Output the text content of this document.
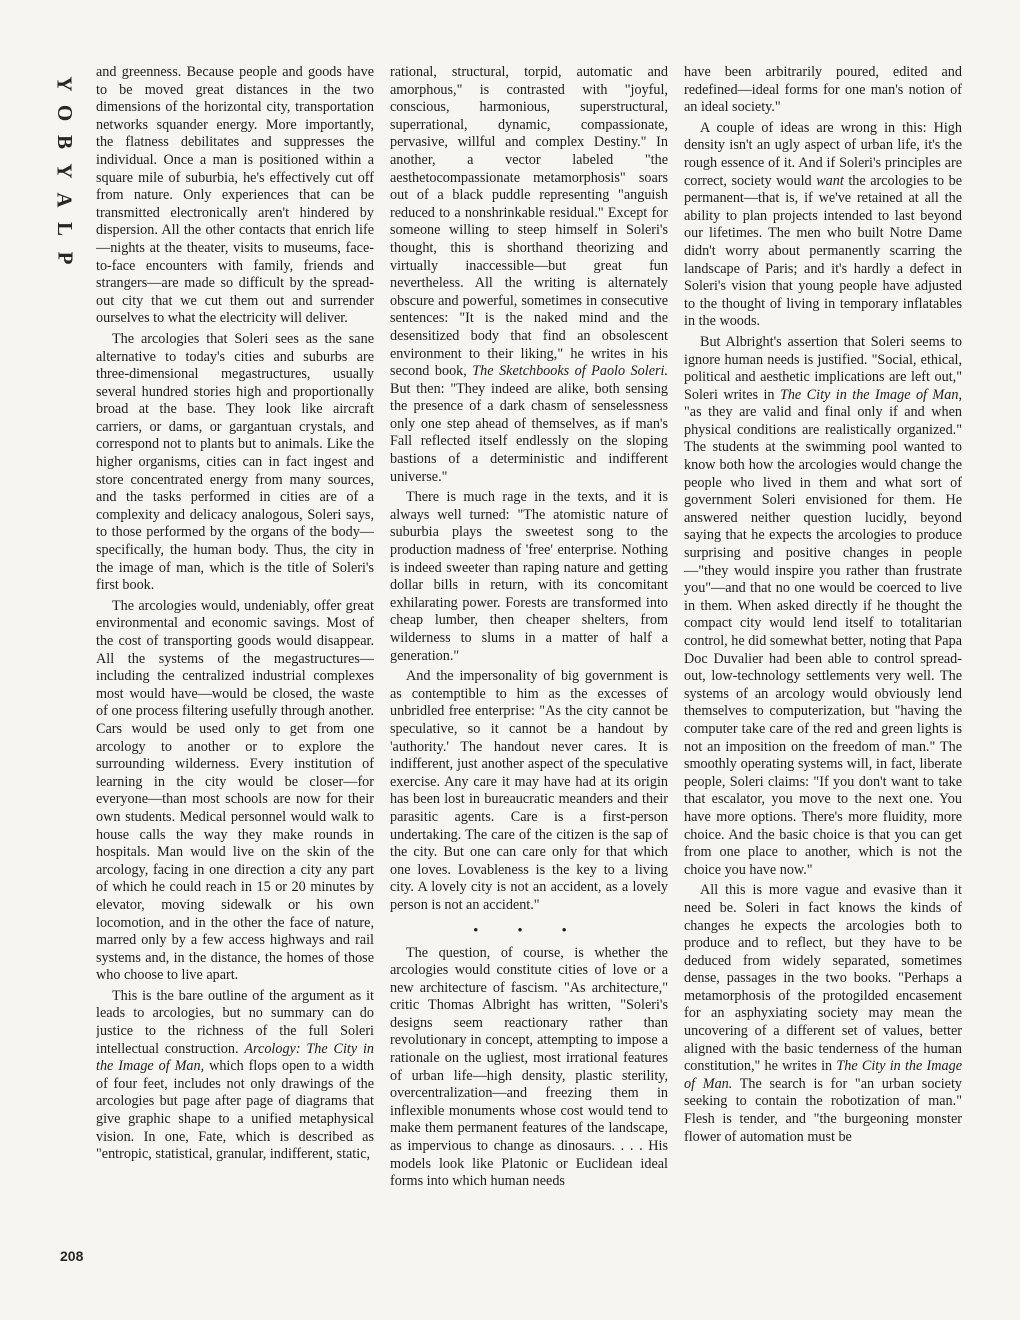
Y
O
B
Y
A
L
P
208

and greenness. Because people and goods have to be moved great distances in the two dimensions of the horizontal city, transportation networks squander energy. More importantly, the flatness debilitates and suppresses the individual. Once a man is positioned within a square mile of suburbia, he's effectively cut off from nature. Only experiences that can be transmitted electronically aren't hindered by dispersion. All the other contacts that enrich life—nights at the theater, visits to museums, face-to-face encounters with family, friends and strangers—are made so difficult by the spread-out city that we cut them out and surrender ourselves to what the electricity will deliver.

The arcologies that Soleri sees as the sane alternative to today's cities and suburbs are three-dimensional megastructures, usually several hundred stories high and proportionally broad at the base. They look like aircraft carriers, or dams, or gargantuan crystals, and correspond not to plants but to animals. Like the higher organisms, cities can in fact ingest and store concentrated energy from many sources, and the tasks performed in cities are of a complexity and delicacy analogous, Soleri says, to those performed by the organs of the body—specifically, the human body. Thus, the city in the image of man, which is the title of Soleri's first book.

The arcologies would, undeniably, offer great environmental and economic savings. Most of the cost of transporting goods would disappear. All the systems of the megastructures—including the centralized industrial complexes most would have—would be closed, the waste of one process filtering usefully through another. Cars would be used only to get from one arcology to another or to explore the surrounding wilderness. Every institution of learning in the city would be closer—for everyone—than most schools are now for their own students. Medical personnel would walk to house calls the way they make rounds in hospitals. Man would live on the skin of the arcology, facing in one direction a city any part of which he could reach in 15 or 20 minutes by elevator, moving sidewalk or his own locomotion, and in the other the face of nature, marred only by a few access highways and rail systems and, in the distance, the homes of those who choose to live apart.

This is the bare outline of the argument as it leads to arcologies, but no summary can do justice to the richness of the full Soleri intellectual construction. Arcology: The City in the Image of Man, which flops open to a width of four feet, includes not only drawings of the arcologies but page after page of diagrams that give graphic shape to a unified metaphysical vision. In one, Fate, which is described as "entropic, statistical, granular, indifferent, static,

rational, structural, torpid, automatic and amorphous," is contrasted with "joyful, conscious, harmonious, superstructural, superrational, dynamic, compassionate, pervasive, willful and complex Destiny." In another, a vector labeled "the aesthetocompassionate metamorphosis" soars out of a black puddle representing "anguish reduced to a nonshrinkable residual." Except for someone willing to steep himself in Soleri's thought, this is shorthand theorizing and virtually inaccessible—but great fun nevertheless. All the writing is alternately obscure and powerful, sometimes in consecutive sentences: "It is the naked mind and the desensitized body that find an obsolescent environment to their liking," he writes in his second book, The Sketchbooks of Paolo Soleri. But then: "They indeed are alike, both sensing the presence of a dark chasm of senselessness only one step ahead of themselves, as if man's Fall reflected itself endlessly on the sloping bastions of a deterministic and indifferent universe."

There is much rage in the texts, and it is always well turned: "The atomistic nature of suburbia plays the sweetest song to the production madness of 'free' enterprise. Nothing is indeed sweeter than raping nature and getting dollar bills in return, with its concomitant exhilarating power. Forests are transformed into cheap lumber, then cheaper shelters, from wilderness to slums in a matter of half a generation."

And the impersonality of big government is as contemptible to him as the excesses of unbridled free enterprise: "As the city cannot be speculative, so it cannot be a handout by 'authority.' The handout never cares. It is indifferent, just another aspect of the speculative exercise. Any care it may have had at its origin has been lost in bureaucratic meanders and their parasitic agents. Care is a first-person undertaking. The care of the citizen is the sap of the city. But one can care only for that which one loves. Lovableness is the key to a living city. A lovely city is not an accident, as a lovely person is not an accident."

• • •

The question, of course, is whether the arcologies would constitute cities of love or a new architecture of fascism. "As architecture," critic Thomas Albright has written, "Soleri's designs seem reactionary rather than revolutionary in concept, attempting to impose a rationale on the ugliest, most irrational features of urban life—high density, plastic sterility, overcentralization—and freezing them in inflexible monuments whose cost would tend to make them permanent features of the landscape, as impervious to change as dinosaurs. . . . His models look like Platonic or Euclidean ideal forms into which human needs

have been arbitrarily poured, edited and redefined—ideal forms for one man's notion of an ideal society."

A couple of ideas are wrong in this: High density isn't an ugly aspect of urban life, it's the rough essence of it. And if Soleri's principles are correct, society would want the arcologies to be permanent—that is, if we've retained at all the ability to plan projects intended to last beyond our lifetimes. The men who built Notre Dame didn't worry about permanently scarring the landscape of Paris; and it's hardly a defect in Soleri's vision that young people have adjusted to the thought of living in temporary inflatables in the woods.

But Albright's assertion that Soleri seems to ignore human needs is justified. "Social, ethical, political and aesthetic implications are left out," Soleri writes in The City in the Image of Man, "as they are valid and final only if and when physical conditions are realistically organized." The students at the swimming pool wanted to know both how the arcologies would change the people who lived in them and what sort of government Soleri envisioned for them. He answered neither question lucidly, beyond saying that he expects the arcologies to produce surprising and positive changes in people—"they would inspire you rather than frustrate you"—and that no one would be coerced to live in them. When asked directly if he thought the compact city would lend itself to totalitarian control, he did somewhat better, noting that Papa Doc Duvalier had been able to control spread-out, low-technology settlements very well. The systems of an arcology would obviously lend themselves to computerization, but "having the computer take care of the red and green lights is not an imposition on the freedom of man." The smoothly operating systems will, in fact, liberate people, Soleri claims: "If you don't want to take that escalator, you move to the next one. You have more options. There's more fluidity, more choice. And the basic choice is that you can get from one place to another, which is not the choice you have now."

All this is more vague and evasive than it need be. Soleri in fact knows the kinds of changes he expects the arcologies both to produce and to reflect, but they have to be deduced from widely separated, sometimes dense, passages in the two books. "Perhaps a metamorphosis of the protogilded encasement for an asphyxiating society may mean the uncovering of a different set of values, better aligned with the basic tenderness of the human constitution," he writes in The City in the Image of Man. The search is for "an urban society seeking to contain the robotization of man." Flesh is tender, and "the burgeoning monster flower of automation must be
